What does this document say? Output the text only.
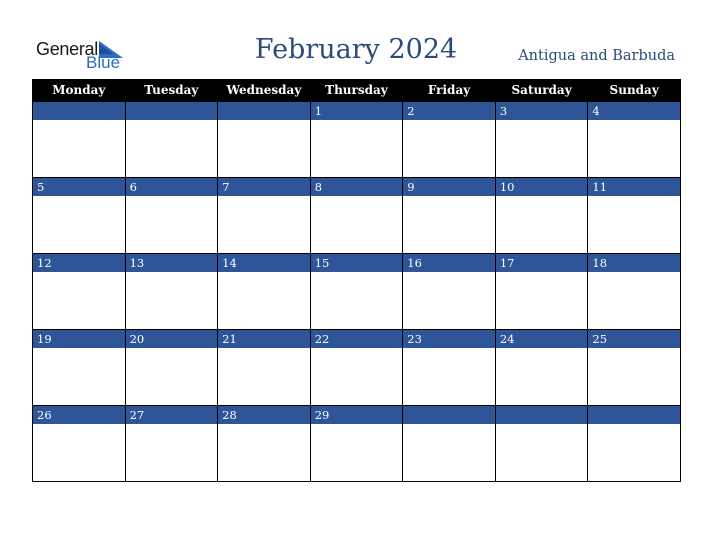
General
Blue	February 2024	Antigua and Barbuda
Monday	Tuesday	Wednesday	Thursday	Friday	Saturday	Sunday

			1	2	3	4

5	6	7	8	9	10	11

12	13	14	15	16	17	18

19	20	21	22	23	24	25

26	27	28	29			
